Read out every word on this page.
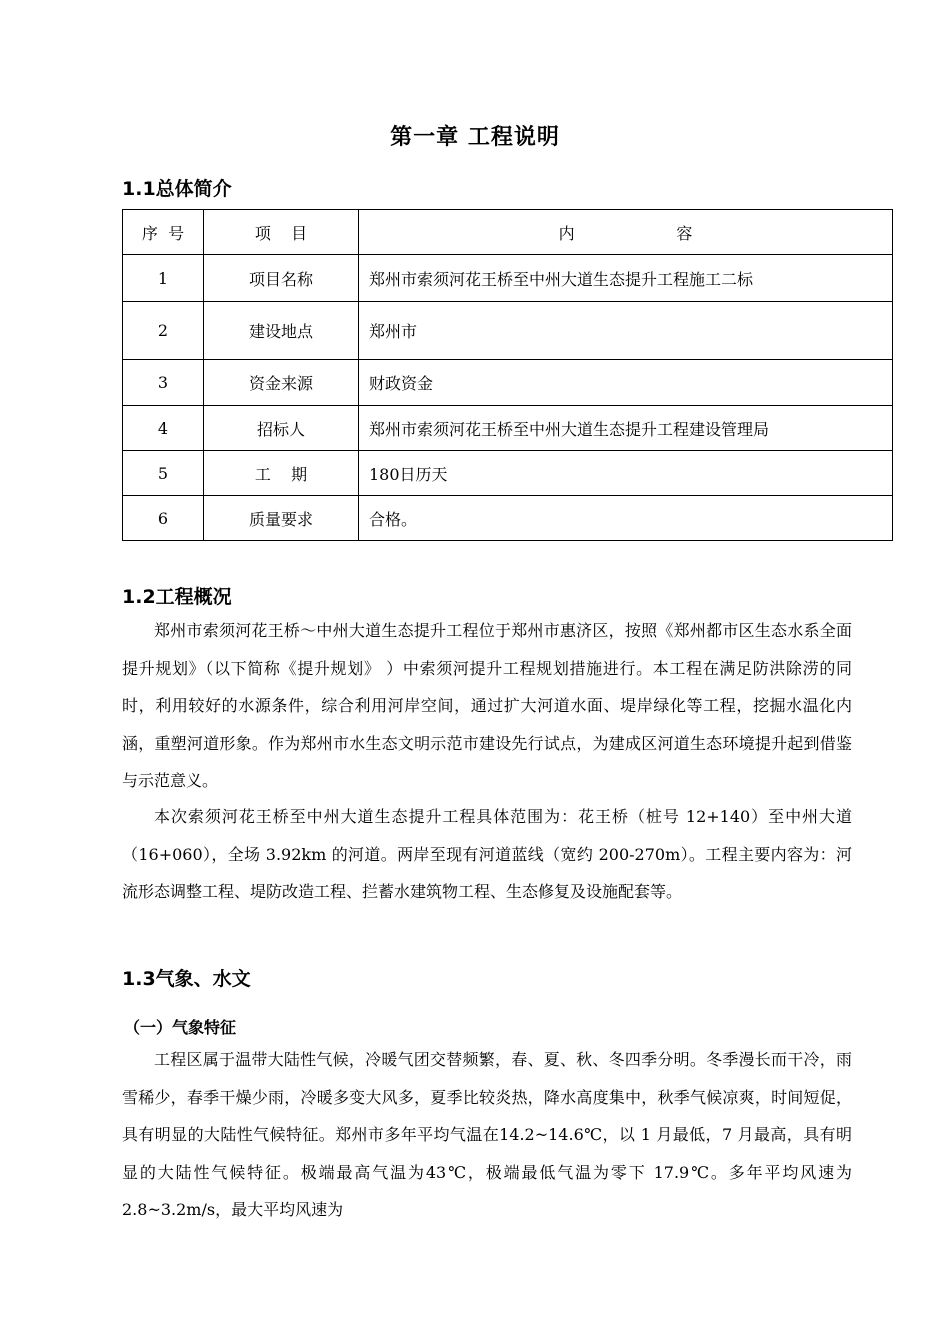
第一章 工程说明
1.1总体简介
序  号	项    目	内                    容
1	项目名称	郑州市索须河花王桥至中州大道生态提升工程施工二标
2	建设地点	郑州市
3	资金来源	财政资金
4	招标人	郑州市索须河花王桥至中州大道生态提升工程建设管理局
5	工    期	180日历天
6	质量要求	合格。
1.2工程概况

郑州市索须河花王桥～中州大道生态提升工程位于郑州市惠济区，按照《郑州都市区生态水系全面提升规划》（以下简称《提升规划》 ）中索须河提升工程规划措施进行。本工程在满足防洪除涝的同时，利用较好的水源条件，综合利用河岸空间，通过扩大河道水面、堤岸绿化等工程，挖掘水温化内涵，重塑河道形象。作为郑州市水生态文明示范市建设先行试点，为建成区河道生态环境提升起到借鉴与示范意义。

本次索须河花王桥至中州大道生态提升工程具体范围为：花王桥（桩号 12+140）至中州大道（16+060），全场 3.92km 的河道。两岸至现有河道蓝线（宽约 200-270m）。工程主要内容为：河流形态调整工程、堤防改造工程、拦蓄水建筑物工程、生态修复及设施配套等。

1.3气象、水文
（一）气象特征

工程区属于温带大陆性气候，冷暖气团交替频繁，春、夏、秋、冬四季分明。冬季漫长而干冷，雨雪稀少，春季干燥少雨，冷暖多变大风多，夏季比较炎热，降水高度集中，秋季气候凉爽，时间短促，具有明显的大陆性气候特征。郑州市多年平均气温在14.2~14.6℃，以 1 月最低，7 月最高，具有明显的大陆性气候特征。极端最高气温为43℃，极端最低气温为零下 17.9℃。多年平均风速为 2.8~3.2m/s，最大平均风速为
